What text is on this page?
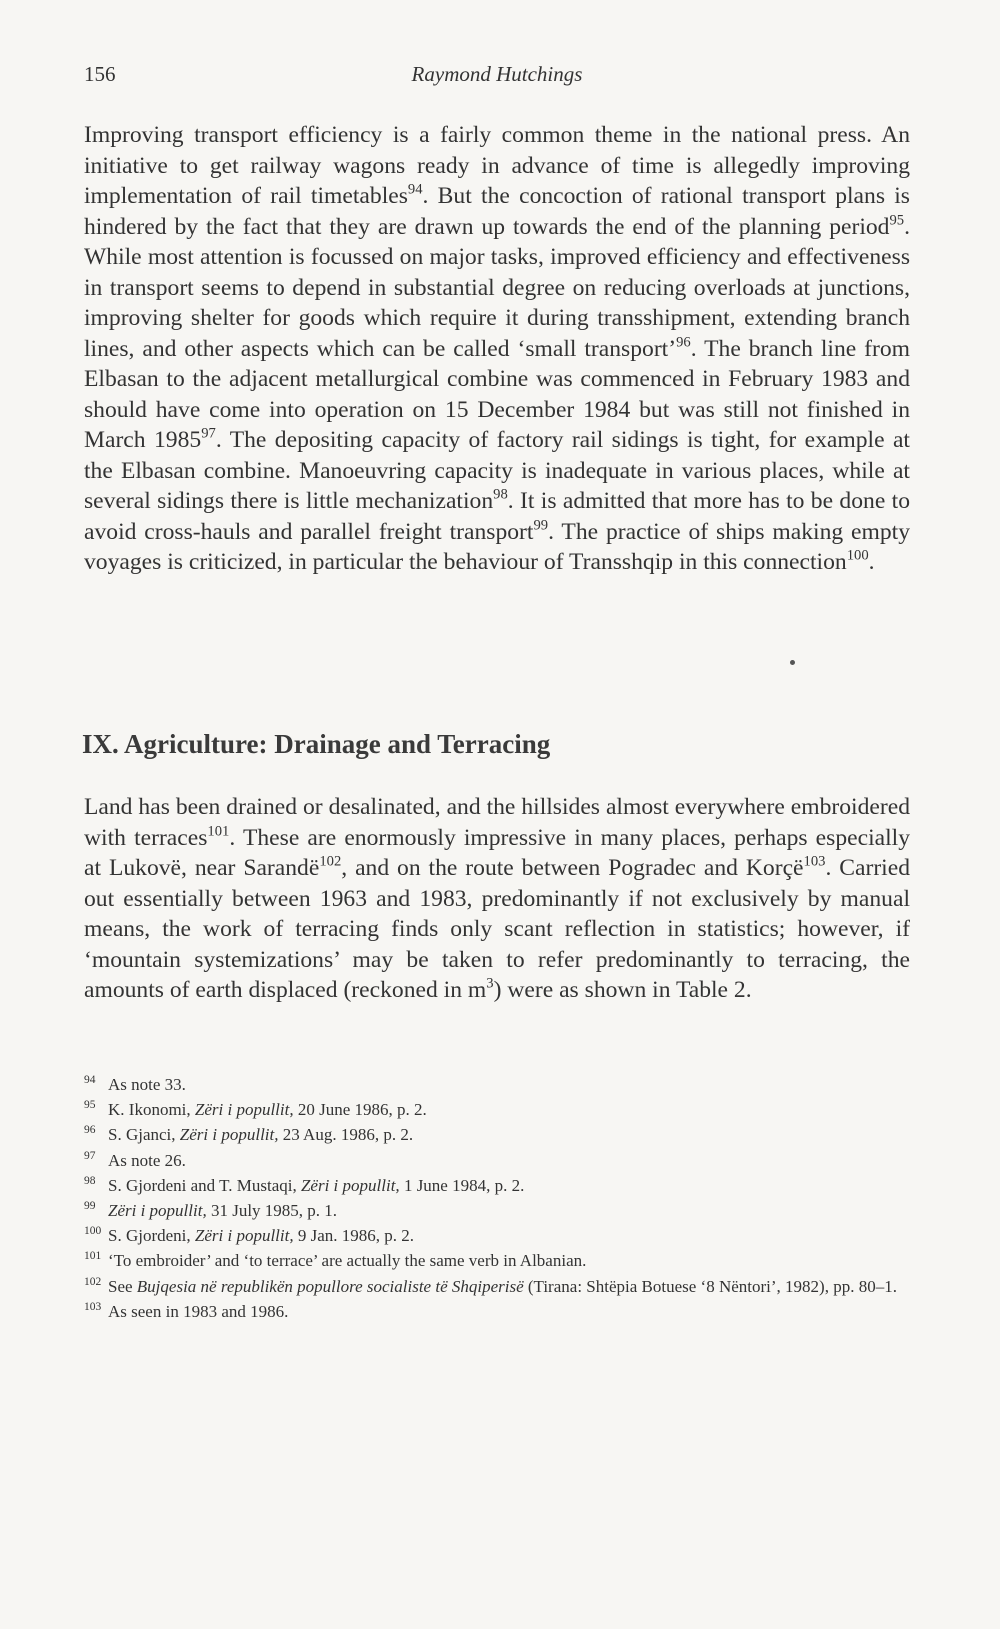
156	Raymond Hutchings

Improving transport efficiency is a fairly common theme in the national press. An initiative to get railway wagons ready in advance of time is allegedly improving implementation of rail timetables$^{94}$. But the concoction of rational transport plans is hindered by the fact that they are drawn up towards the end of the planning period$^{95}$. While most attention is focussed on major tasks, improved efficiency and effectiveness in transport seems to depend in substantial degree on reducing overloads at junctions, improving shelter for goods which require it during transshipment, extending branch lines, and other aspects which can be called ‘small transport’$^{96}$. The branch line from Elbasan to the adjacent metallurgical combine was commenced in February 1983 and should have come into operation on 15 December 1984 but was still not finished in March 1985$^{97}$. The depositing capacity of factory rail sidings is tight, for example at the Elbasan combine. Manoeuvring capacity is inadequate in various places, while at several sidings there is little mechanization$^{98}$. It is admitted that more has to be done to avoid cross-hauls and parallel freight transport$^{99}$. The practice of ships making empty voyages is criticized, in particular the behaviour of Transshqip in this connection$^{100}$.

IX. Agriculture: Drainage and Terracing

Land has been drained or desalinated, and the hillsides almost everywhere embroidered with terraces$^{101}$. These are enormously impressive in many places, perhaps especially at Lukovë, near Sarandë$^{102}$, and on the route between Pogradec and Korçë$^{103}$. Carried out essentially between 1963 and 1983, predominantly if not exclusively by manual means, the work of terracing finds only scant reflection in statistics; however, if ‘mountain systemizations’ may be taken to refer predominantly to terracing, the amounts of earth displaced (reckoned in $m^3$) were as shown in Table 2.

94 As note 33.
95 K. Ikonomi, Zëri i popullit, 20 June 1986, p. 2.
96 S. Gjanci, Zëri i popullit, 23 Aug. 1986, p. 2.
97 As note 26.
98 S. Gjordeni and T. Mustaqi, Zëri i popullit, 1 June 1984, p. 2.
99 Zëri i popullit, 31 July 1985, p. 1.
100 S. Gjordeni, Zëri i popullit, 9 Jan. 1986, p. 2.
101 ‘To embroider’ and ‘to terrace’ are actually the same verb in Albanian.
102 See Bujqesia në republikën popullore socialiste të Shqiperisë (Tirana: Shtëpia Botuese ‘8 Nëntori’, 1982), pp. 80–1.
103 As seen in 1983 and 1986.
